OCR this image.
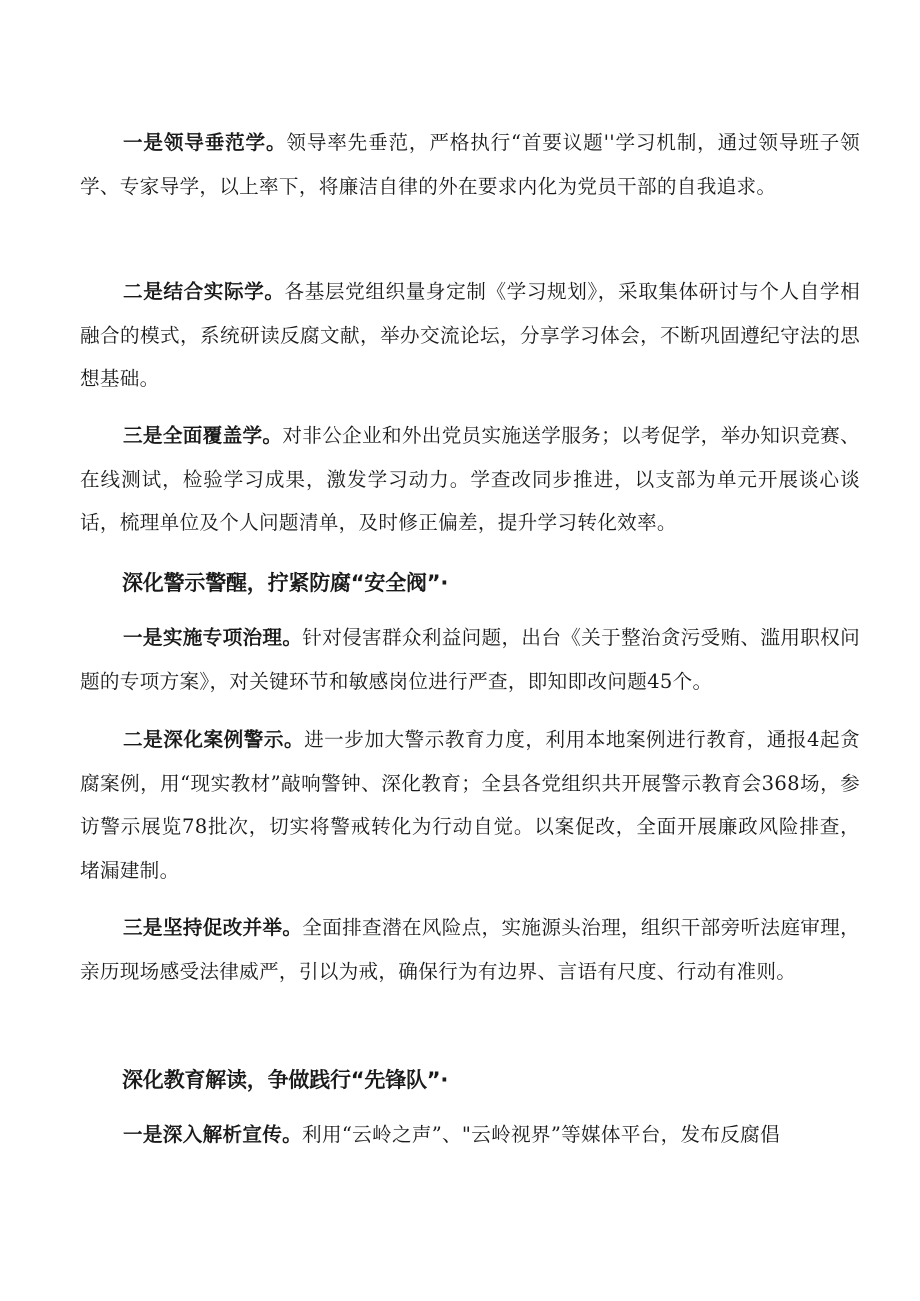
一是领导垂范学。领导率先垂范，严格执行“首要议题''学习机制，通过领导班子领学、专家导学，以上率下，将廉洁自律的外在要求内化为党员干部的自我追求。

二是结合实际学。各基层党组织量身定制《学习规划》，采取集体研讨与个人自学相融合的模式，系统研读反腐文献，举办交流论坛，分享学习体会，不断巩固遵纪守法的思想基础。

三是全面覆盖学。对非公企业和外出党员实施送学服务；以考促学，举办知识竞赛、在线测试，检验学习成果，激发学习动力。学查改同步推进，以支部为单元开展谈心谈话，梳理单位及个人问题清单，及时修正偏差，提升学习转化效率。

深化警示警醒，拧紧防腐“安全阀”·

一是实施专项治理。针对侵害群众利益问题，出台《关于整治贪污受贿、滥用职权问题的专项方案》，对关键环节和敏感岗位进行严查，即知即改问题45个。

二是深化案例警示。进一步加大警示教育力度，利用本地案例进行教育，通报4起贪腐案例，用“现实教材”敲响警钟、深化教育；全县各党组织共开展警示教育会368场，参访警示展览78批次，切实将警戒转化为行动自觉。以案促改，全面开展廉政风险排查，堵漏建制。

三是坚持促改并举。全面排查潜在风险点，实施源头治理，组织干部旁听法庭审理，亲历现场感受法律威严，引以为戒，确保行为有边界、言语有尺度、行动有准则。

深化教育解读，争做践行“先锋队”·

一是深入解析宣传。利用“云岭之声”、"云岭视界”等媒体平台，发布反腐倡
